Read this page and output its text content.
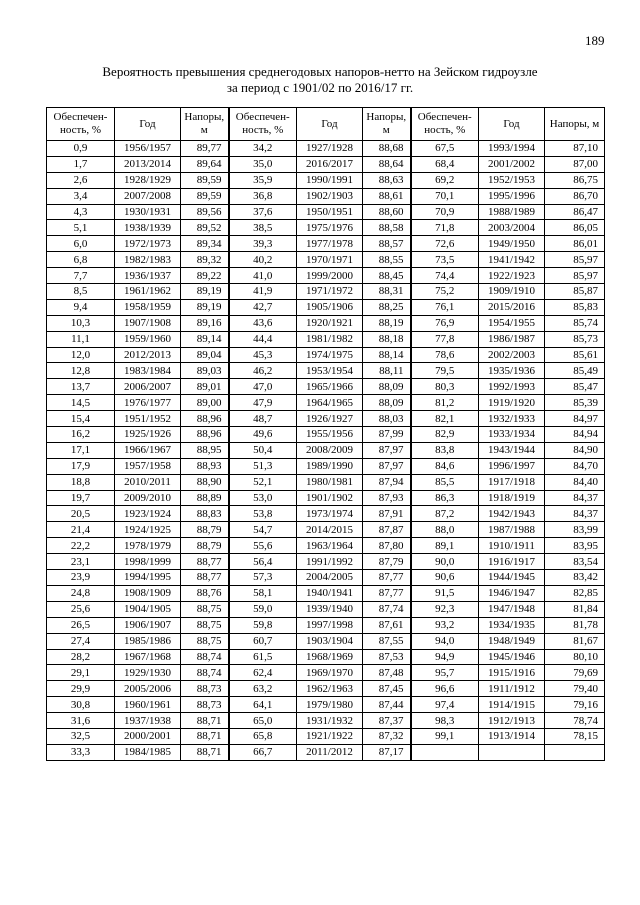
189
Вероятность превышения среднегодовых напоров-нетто на Зейском гидроузле
за период с 1901/02 по 2016/17 гг.
Обеспечен-ность, %	Год	Напоры, м	Обеспечен-ность, %	Год	Напоры, м	Обеспечен-ность, %	Год	Напоры, м
0,9	1956/1957	89,77	34,2	1927/1928	88,68	67,5	1993/1994	87,10
1,7	2013/2014	89,64	35,0	2016/2017	88,64	68,4	2001/2002	87,00
2,6	1928/1929	89,59	35,9	1990/1991	88,63	69,2	1952/1953	86,75
3,4	2007/2008	89,59	36,8	1902/1903	88,61	70,1	1995/1996	86,70
4,3	1930/1931	89,56	37,6	1950/1951	88,60	70,9	1988/1989	86,47
5,1	1938/1939	89,52	38,5	1975/1976	88,58	71,8	2003/2004	86,05
6,0	1972/1973	89,34	39,3	1977/1978	88,57	72,6	1949/1950	86,01
6,8	1982/1983	89,32	40,2	1970/1971	88,55	73,5	1941/1942	85,97
7,7	1936/1937	89,22	41,0	1999/2000	88,45	74,4	1922/1923	85,97
8,5	1961/1962	89,19	41,9	1971/1972	88,31	75,2	1909/1910	85,87
9,4	1958/1959	89,19	42,7	1905/1906	88,25	76,1	2015/2016	85,83
10,3	1907/1908	89,16	43,6	1920/1921	88,19	76,9	1954/1955	85,74
11,1	1959/1960	89,14	44,4	1981/1982	88,18	77,8	1986/1987	85,73
12,0	2012/2013	89,04	45,3	1974/1975	88,14	78,6	2002/2003	85,61
12,8	1983/1984	89,03	46,2	1953/1954	88,11	79,5	1935/1936	85,49
13,7	2006/2007	89,01	47,0	1965/1966	88,09	80,3	1992/1993	85,47
14,5	1976/1977	89,00	47,9	1964/1965	88,09	81,2	1919/1920	85,39
15,4	1951/1952	88,96	48,7	1926/1927	88,03	82,1	1932/1933	84,97
16,2	1925/1926	88,96	49,6	1955/1956	87,99	82,9	1933/1934	84,94
17,1	1966/1967	88,95	50,4	2008/2009	87,97	83,8	1943/1944	84,90
17,9	1957/1958	88,93	51,3	1989/1990	87,97	84,6	1996/1997	84,70
18,8	2010/2011	88,90	52,1	1980/1981	87,94	85,5	1917/1918	84,40
19,7	2009/2010	88,89	53,0	1901/1902	87,93	86,3	1918/1919	84,37
20,5	1923/1924	88,83	53,8	1973/1974	87,91	87,2	1942/1943	84,37
21,4	1924/1925	88,79	54,7	2014/2015	87,87	88,0	1987/1988	83,99
22,2	1978/1979	88,79	55,6	1963/1964	87,80	89,1	1910/1911	83,95
23,1	1998/1999	88,77	56,4	1991/1992	87,79	90,0	1916/1917	83,54
23,9	1994/1995	88,77	57,3	2004/2005	87,77	90,6	1944/1945	83,42
24,8	1908/1909	88,76	58,1	1940/1941	87,77	91,5	1946/1947	82,85
25,6	1904/1905	88,75	59,0	1939/1940	87,74	92,3	1947/1948	81,84
26,5	1906/1907	88,75	59,8	1997/1998	87,61	93,2	1934/1935	81,78
27,4	1985/1986	88,75	60,7	1903/1904	87,55	94,0	1948/1949	81,67
28,2	1967/1968	88,74	61,5	1968/1969	87,53	94,9	1945/1946	80,10
29,1	1929/1930	88,74	62,4	1969/1970	87,48	95,7	1915/1916	79,69
29,9	2005/2006	88,73	63,2	1962/1963	87,45	96,6	1911/1912	79,40
30,8	1960/1961	88,73	64,1	1979/1980	87,44	97,4	1914/1915	79,16
31,6	1937/1938	88,71	65,0	1931/1932	87,37	98,3	1912/1913	78,74
32,5	2000/2001	88,71	65,8	1921/1922	87,32	99,1	1913/1914	78,15
33,3	1984/1985	88,71	66,7	2011/2012	87,17			
